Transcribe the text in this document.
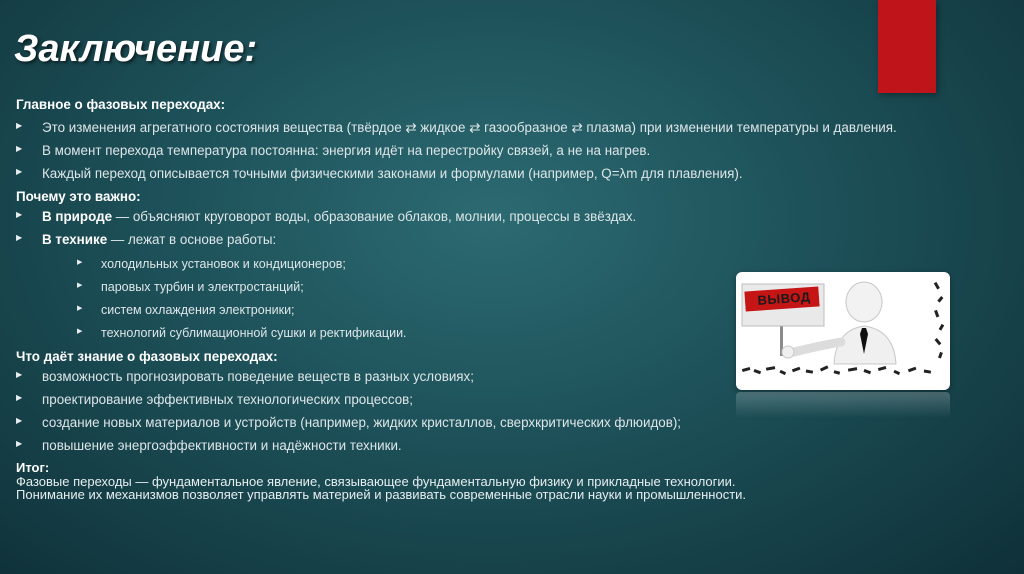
Заключение:

Главное о фазовых переходах:

▶ Это изменения агрегатного состояния вещества (твёрдое ⇄ жидкое ⇄ газообразное ⇄ плазма) при изменении температуры и давления.
▶ В момент перехода температура постоянна: энергия идёт на перестройку связей, а не на нагрев.
▶ Каждый переход описывается точными физическими законами и формулами (например, Q=λm для плавления).

Почему это важно:

▶ В природе — объясняют круговорот воды, образование облаков, молнии, процессы в звёздах.
▶ В технике — лежат в основе работы:
▶ холодильных установок и кондиционеров;
▶ паровых турбин и электростанций;
▶ систем охлаждения электроники;
▶ технологий сублимационной сушки и ректификации.

Что даёт знание о фазовых переходах:

▶ возможность прогнозировать поведение веществ в разных условиях;
▶ проектирование эффективных технологических процессов;
▶ создание новых материалов и устройств (например, жидких кристаллов, сверхкритических флюидов);
▶ повышение энергоэффективности и надёжности техники.

Итог:

Фазовые переходы — фундаментальное явление, связывающее фундаментальную физику и прикладные технологии.
Понимание их механизмов позволяет управлять материей и развивать современные отрасли науки и промышленности.
ВЫВОД
